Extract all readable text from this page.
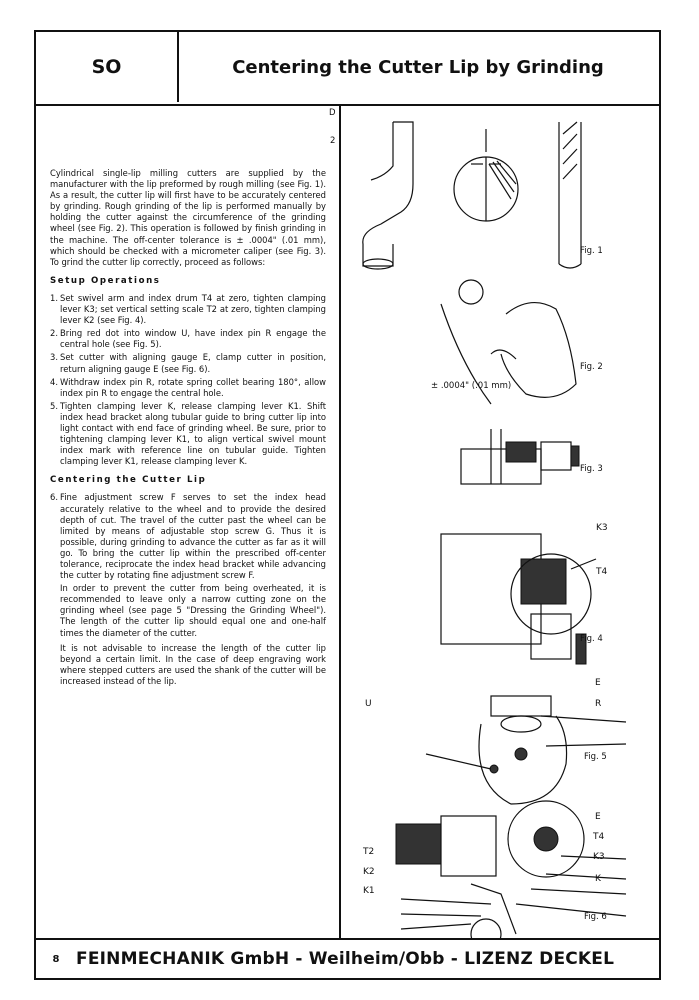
SO	Centering the Cutter Lip by Grinding

Cylindrical single-lip milling cutters are supplied by the manufacturer with the lip preformed by rough milling (see Fig. 1). As a result, the cutter lip will first have to be accurately centered by grinding. Rough grinding of the lip is performed manually by holding the cutter against the circumference of the grinding wheel (see Fig. 2). This operation is followed by finish grinding in the machine. The off-center tolerance is ± .0004" (.01 mm), which should be checked with a micrometer caliper (see Fig. 3). To grind the cutter lip correctly, proceed as follows:

Setup Operations
1. Set swivel arm and index drum T4 at zero, tighten clamping lever K3; set vertical setting scale T2 at zero, tighten clamping lever K2 (see Fig. 4).
2. Bring red dot into window U, have index pin R engage the central hole (see Fig. 5).
3. Set cutter with aligning gauge E, clamp cutter in position, return aligning gauge E (see Fig. 6).
4. Withdraw index pin R, rotate spring collet bearing 180°, allow index pin R to engage the central hole.
5. Tighten clamping lever K, release clamping lever K1. Shift index head bracket along tubular guide to bring cutter lip into light contact with end face of grinding wheel. Be sure, prior to tightening clamping lever K1, to align vertical swivel mount index mark with reference line on tubular guide. Tighten clamping lever K1, release clamping lever K.
Centering the Cutter Lip
6. Fine adjustment screw F serves to set the index head accurately relative to the wheel and to provide the desired depth of cut. The travel of the cutter past the wheel can be limited by means of adjustable stop screw G. Thus it is possible, during grinding to advance the cutter as far as it will go. To bring the cutter lip within the prescribed off-center tolerance, reciprocate the index head bracket while advancing the cutter by rotating fine adjustment screw F.

In order to prevent the cutter from being overheated, it is recommended to leave only a narrow cutting zone on the grinding wheel (see page 5 "Dressing the Grinding Wheel"). The length of the cutter lip should equal one and one-half times the diameter of the cutter.

It is not advisable to increase the length of the cutter lip beyond a certain limit. In the case of deep engraving work where stepped cutters are used the shank of the cutter will be increased instead of the lip.

D
2
Fig. 1
Fig. 2
± .0004" (.01 mm)
Fig. 3
K3
T4
Fig. 4
E
R
U
Fig. 5
E
T4
K3
K
T2
K2
K1
Fig. 6
8 FEINMECHANIK GmbH - Weilheim/Obb - LIZENZ DECKEL
